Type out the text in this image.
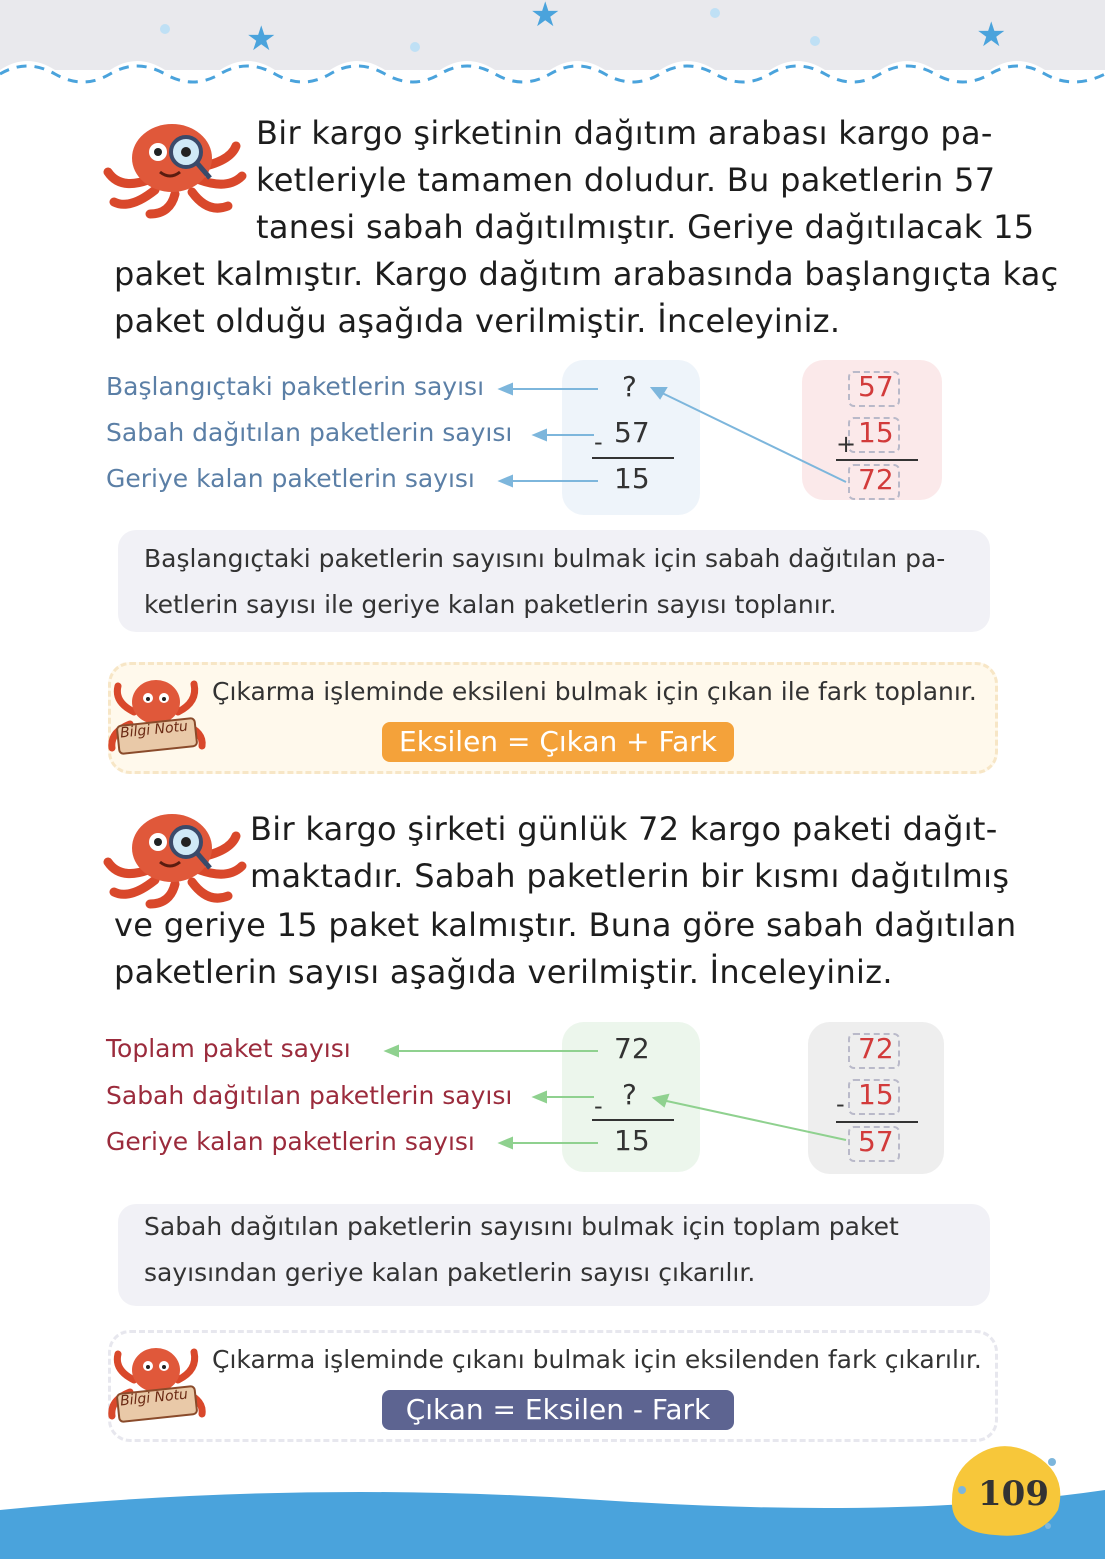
★
★	★
Bir kargo şirketinin dağıtım arabası kargo pa-
ketleriyle tamamen doludur. Bu paketlerin 57
tanesi sabah dağıtılmıştır. Geriye dağıtılacak 15
paket kalmıştır. Kargo dağıtım arabasında başlangıçta kaç
paket olduğu aşağıda verilmiştir. İnceleyiniz.
Başlangıçtaki paketlerin sayısı
Sabah dağıtılan paketlerin sayısı
Geriye kalan paketlerin sayısı
?
- 57
15
57
+ 15
72
Başlangıçtaki paketlerin sayısını bulmak için sabah dağıtılan pa-
ketlerin sayısı ile geriye kalan paketlerin sayısı toplanır.
Bilgi Notu
Çıkarma işleminde eksileni bulmak için çıkan ile fark toplanır.
Eksilen = Çıkan + Fark
Bir kargo şirketi günlük 72 kargo paketi dağıt-
maktadır. Sabah paketlerin bir kısmı dağıtılmış
ve geriye 15 paket kalmıştır. Buna göre sabah dağıtılan
paketlerin sayısı aşağıda verilmiştir. İnceleyiniz.
Toplam paket sayısı
Sabah dağıtılan paketlerin sayısı
Geriye kalan paketlerin sayısı
72
- ?
15
72
- 15
57
Sabah dağıtılan paketlerin sayısını bulmak için toplam paket
sayısından geriye kalan paketlerin sayısı çıkarılır.
Bilgi Notu
Çıkarma işleminde çıkanı bulmak için eksilenden fark çıkarılır.
Çıkan = Eksilen - Fark
109
